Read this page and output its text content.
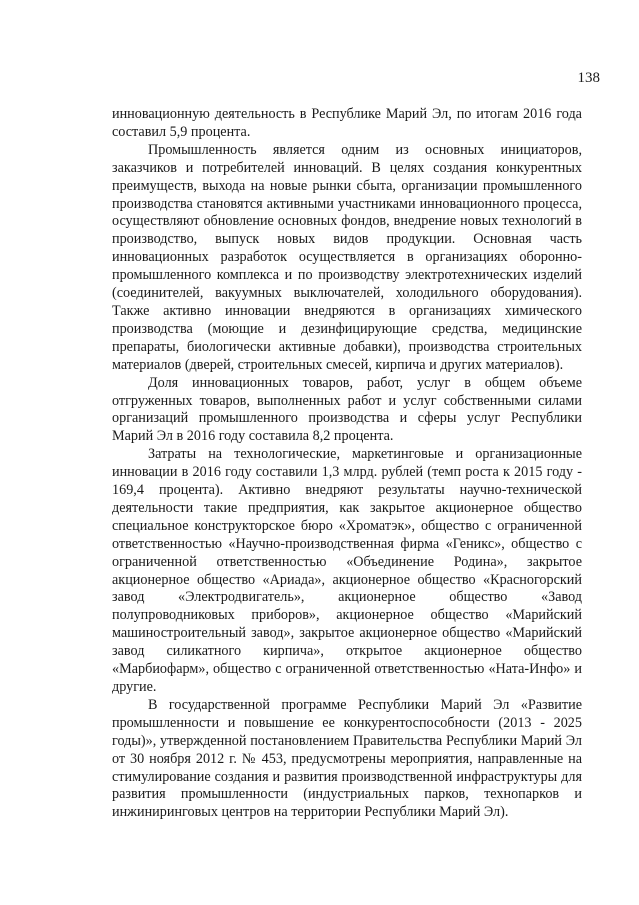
138

инновационную деятельность в Республике Марий Эл, по итогам 2016 года составил 5,9 процента.

Промышленность является одним из основных инициаторов, заказчиков и потребителей инноваций. В целях создания конкурентных преимуществ, выхода на новые рынки сбыта, организации промышленного производства становятся активными участниками инновационного процесса, осуществляют обновление основных фондов, внедрение новых технологий в производство, выпуск новых видов продукции. Основная часть инновационных разработок осуществляется в организациях оборонно-промышленного комплекса и по производству электротехнических изделий (соединителей, вакуумных выключателей, холодильного оборудования). Также активно инновации внедряются в организациях химического производства (моющие и дезинфицирующие средства, медицинские препараты, биологически активные добавки), производства строительных материалов (дверей, строительных смесей, кирпича и других материалов).

Доля инновационных товаров, работ, услуг в общем объеме отгруженных товаров, выполненных работ и услуг собственными силами организаций промышленного производства и сферы услуг Республики Марий Эл в 2016 году составила 8,2 процента.

Затраты на технологические, маркетинговые и организационные инновации в 2016 году составили 1,3 млрд. рублей (темп роста к 2015 году - 169,4 процента). Активно внедряют результаты научно-технической деятельности такие предприятия, как закрытое акционерное общество специальное конструкторское бюро «Хроматэк», общество с ограниченной ответственностью «Научно-производственная фирма «Геникс», общество с ограниченной ответственностью «Объединение Родина», закрытое акционерное общество «Ариада», акционерное общество «Красногорский завод «Электродвигатель», акционерное общество «Завод полупроводниковых приборов», акционерное общество «Марийский машиностроительный завод», закрытое акционерное общество «Марийский завод силикатного кирпича», открытое акционерное общество «Марбиофарм», общество с ограниченной ответственностью «Ната-Инфо» и другие.

В государственной программе Республики Марий Эл «Развитие промышленности и повышение ее конкурентоспособности (2013 - 2025 годы)», утвержденной постановлением Правительства Республики Марий Эл от 30 ноября 2012 г. № 453, предусмотрены мероприятия, направленные на стимулирование создания и развития производственной инфраструктуры для развития промышленности (индустриальных парков, технопарков и инжиниринговых центров на территории Республики Марий Эл).
